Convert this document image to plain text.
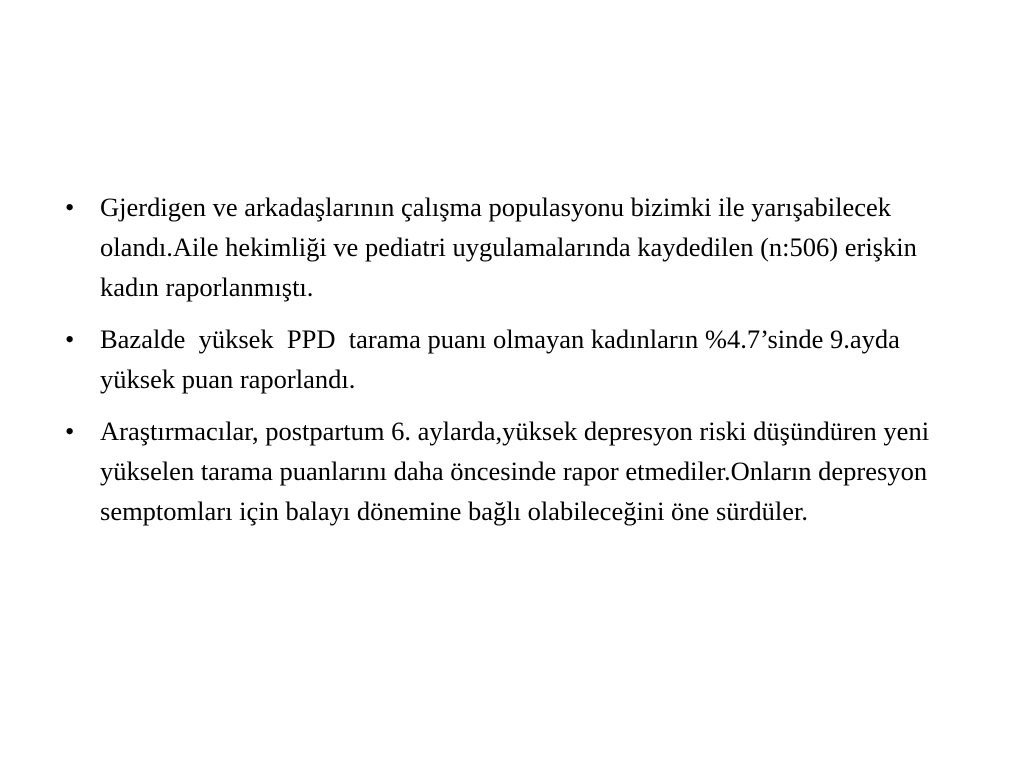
• Gjerdigen ve arkadaşlarının çalışma populasyonu bizimki ile yarışabilecek olandı.Aile hekimliği ve pediatri uygulamalarında kaydedilen (n:506) erişkin kadın raporlanmıştı.
• Bazalde  yüksek  PPD  tarama puanı olmayan kadınların %4.7’sinde 9.ayda yüksek puan raporlandı.
• Araştırmacılar, postpartum 6. aylarda,yüksek depresyon riski düşündüren yeni yükselen tarama puanlarını daha öncesinde rapor etmediler.Onların depresyon semptomları için balayı dönemine bağlı olabileceğini öne sürdüler.
